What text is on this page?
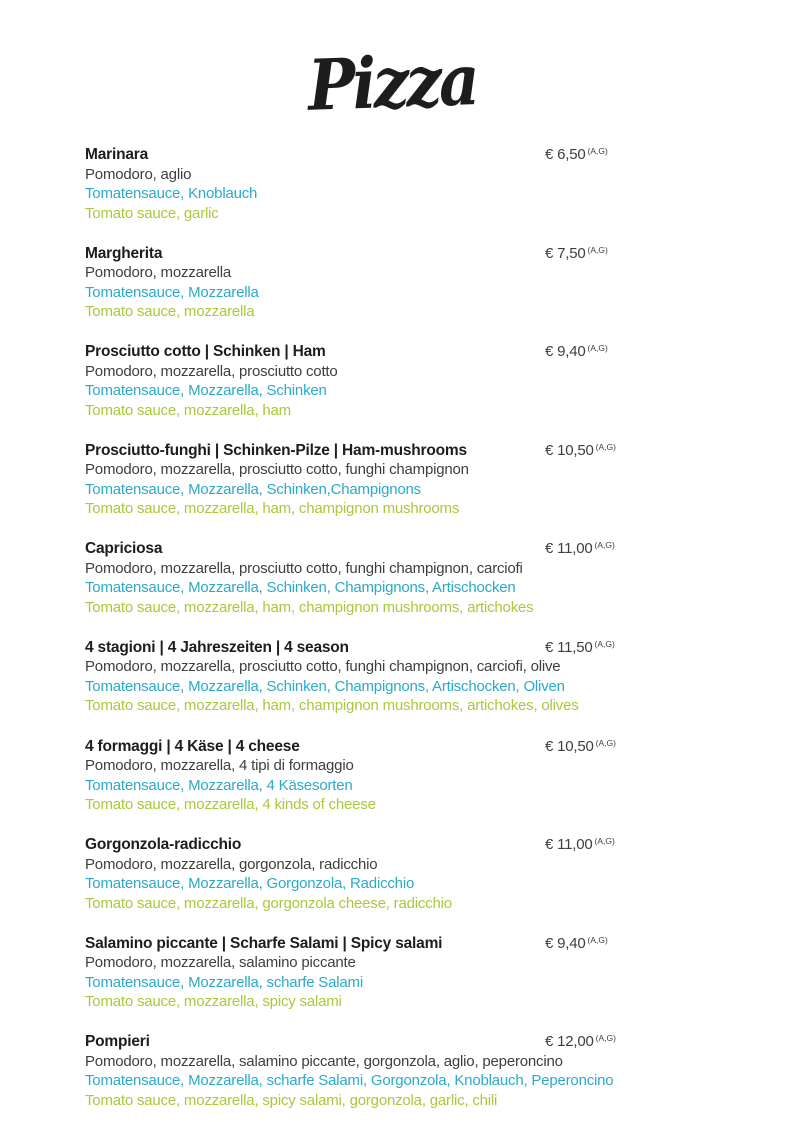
Pizza
Marinara

Pomodoro, aglio

Tomatensauce, Knoblauch

Tomato sauce, garlic

€ 6,50 $^{(A,G)}$
Margherita

Pomodoro, mozzarella

Tomatensauce, Mozzarella

Tomato sauce, mozzarella

€ 7,50 $^{(A,G)}$
Prosciutto cotto | Schinken | Ham

Pomodoro, mozzarella, prosciutto cotto

Tomatensauce, Mozzarella, Schinken

Tomato sauce, mozzarella, ham

€ 9,40 $^{(A,G)}$
Prosciutto-funghi | Schinken-Pilze | Ham-mushrooms

Pomodoro, mozzarella, prosciutto cotto, funghi champignon

Tomatensauce, Mozzarella, Schinken,Champignons

Tomato sauce, mozzarella, ham, champignon mushrooms

€ 10,50 $^{(A,G)}$
Capriciosa

Pomodoro, mozzarella, prosciutto cotto, funghi champignon, carciofi

Tomatensauce, Mozzarella, Schinken, Champignons, Artischocken

Tomato sauce, mozzarella, ham, champignon mushrooms, artichokes

€ 11,00 $^{(A,G)}$
4 stagioni | 4 Jahreszeiten | 4 season

Pomodoro, mozzarella, prosciutto cotto, funghi champignon, carciofi, olive

Tomatensauce, Mozzarella, Schinken, Champignons, Artischocken, Oliven

Tomato sauce, mozzarella, ham, champignon mushrooms, artichokes, olives

€ 11,50 $^{(A,G)}$
4 formaggi | 4 Käse | 4 cheese

Pomodoro, mozzarella, 4 tipi di formaggio

Tomatensauce, Mozzarella, 4 Käsesorten

Tomato sauce, mozzarella, 4 kinds of cheese

€ 10,50 $^{(A,G)}$
Gorgonzola-radicchio

Pomodoro, mozzarella, gorgonzola, radicchio

Tomatensauce, Mozzarella, Gorgonzola, Radicchio

Tomato sauce, mozzarella, gorgonzola cheese, radicchio

€ 11,00 $^{(A,G)}$
Salamino piccante | Scharfe Salami | Spicy salami

Pomodoro, mozzarella, salamino piccante

Tomatensauce, Mozzarella, scharfe Salami

Tomato sauce, mozzarella, spicy salami

€ 9,40 $^{(A,G)}$
Pompieri

Pomodoro, mozzarella, salamino piccante, gorgonzola, aglio, peperoncino

Tomatensauce, Mozzarella, scharfe Salami, Gorgonzola, Knoblauch, Peperoncino

Tomato sauce, mozzarella, spicy salami, gorgonzola, garlic, chili

€ 12,00 $^{(A,G)}$
